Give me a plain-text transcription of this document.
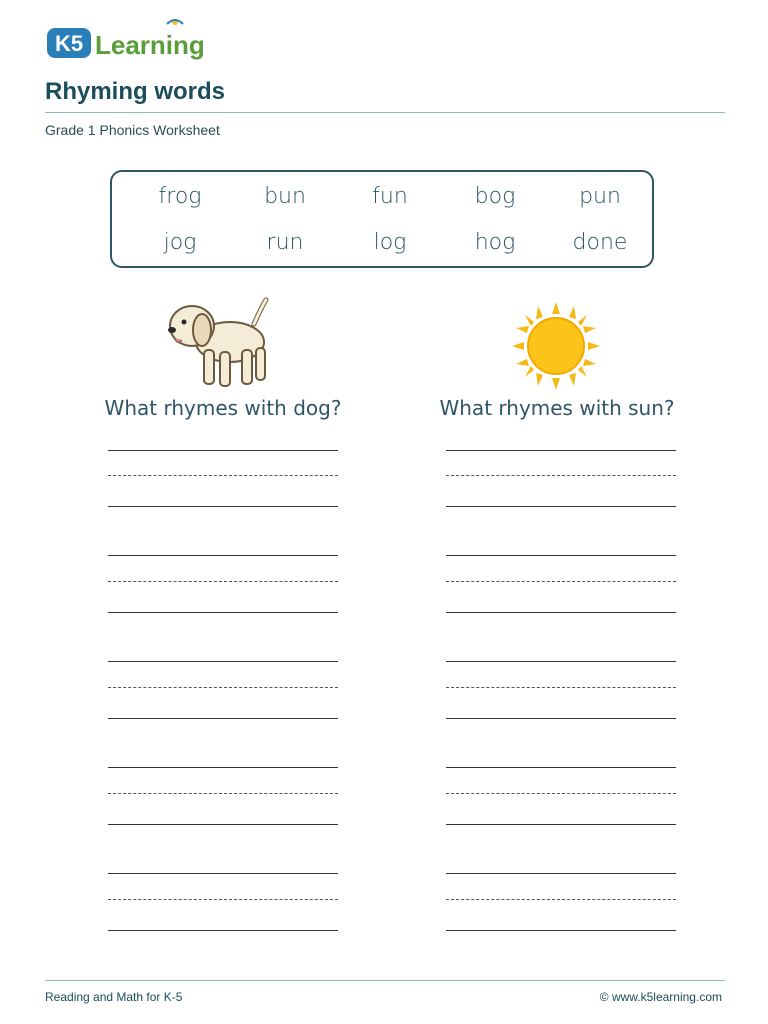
K5 Learning
Rhyming words
Grade 1 Phonics Worksheet
frog	bun	fun	bog	pun
jog	run	log	hog	done
What rhymes with dog?	What rhymes with sun?
Reading and Math for K-5	© www.k5learning.com
